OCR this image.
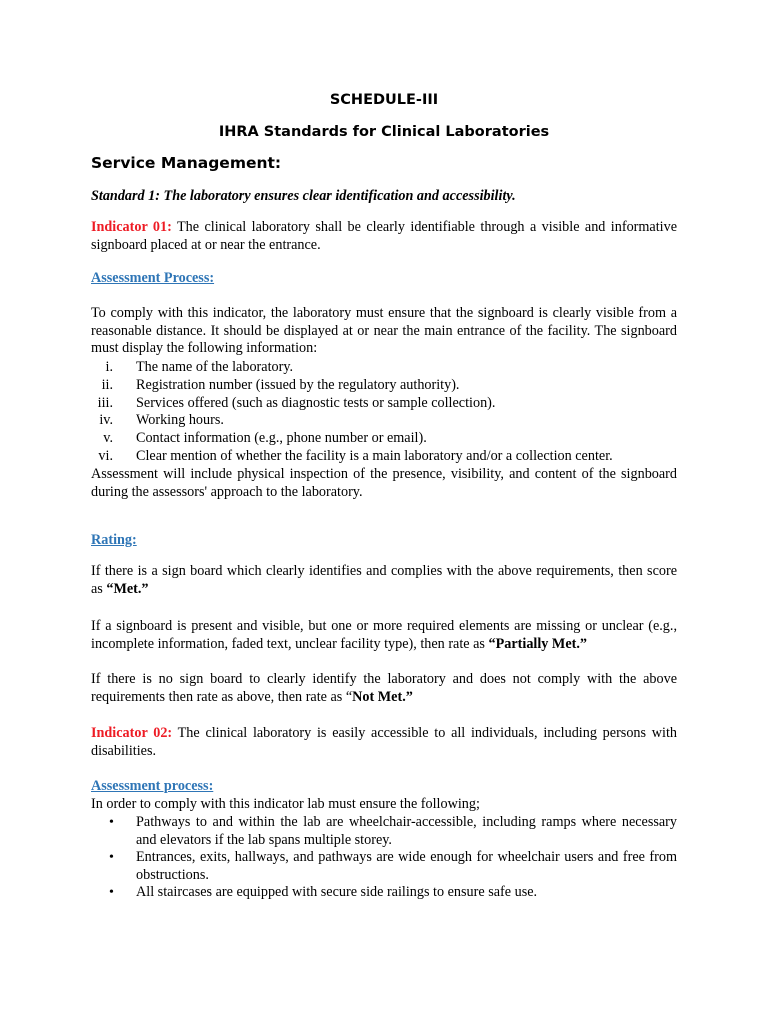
SCHEDULE-III

IHRA Standards for Clinical Laboratories

Service Management:

Standard 1: The laboratory ensures clear identification and accessibility.

Indicator 01: The clinical laboratory shall be clearly identifiable through a visible and informative signboard placed at or near the entrance.

Assessment Process:

To comply with this indicator, the laboratory must ensure that the signboard is clearly visible from a reasonable distance. It should be displayed at or near the main entrance of the facility. The signboard must display the following information:

i. The name of the laboratory.
ii. Registration number (issued by the regulatory authority).
iii. Services offered (such as diagnostic tests or sample collection).
iv. Working hours.
v. Contact information (e.g., phone number or email).
vi. Clear mention of whether the facility is a main laboratory and/or a collection center.

Assessment will include physical inspection of the presence, visibility, and content of the signboard during the assessors' approach to the laboratory.

Rating:

If there is a sign board which clearly identifies and complies with the above requirements, then score as “Met.”

If a signboard is present and visible, but one or more required elements are missing or unclear (e.g., incomplete information, faded text, unclear facility type), then rate as “Partially Met.”

If there is no sign board to clearly identify the laboratory and does not comply with the above requirements then rate as above, then rate as “Not Met.”

Indicator 02: The clinical laboratory is easily accessible to all individuals, including persons with disabilities.

Assessment process:

In order to comply with this indicator lab must ensure the following;

• Pathways to and within the lab are wheelchair-accessible, including ramps where necessary and elevators if the lab spans multiple storey.
• Entrances, exits, hallways, and pathways are wide enough for wheelchair users and free from obstructions.
• All staircases are equipped with secure side railings to ensure safe use.
